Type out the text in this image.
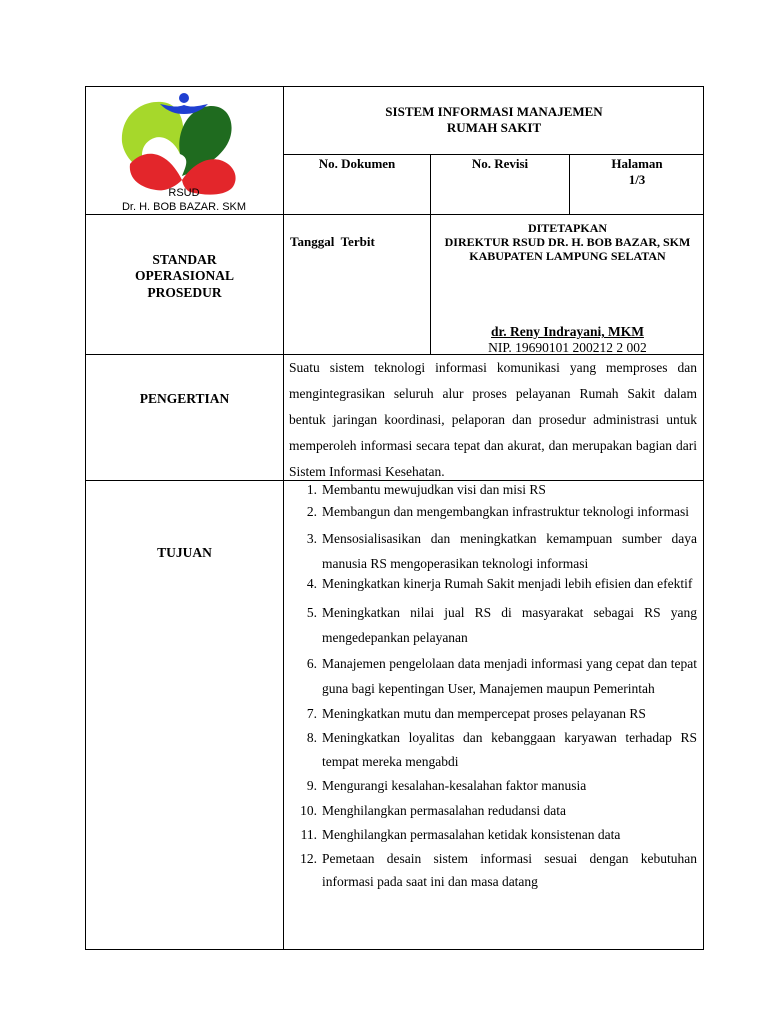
RSUD
Dr. H. BOB BAZAR. SKM
SISTEM INFORMASI MANAJEMEN
RUMAH SAKIT
No. Dokumen	No. Revisi	Halaman
1/3
STANDAR
OPERASIONAL
PROSEDUR
Tanggal  Terbit
DITETAPKAN
DIREKTUR RSUD DR. H. BOB BAZAR, SKM
KABUPATEN LAMPUNG SELATAN
dr. Reny Indrayani, MKM
NIP. 19690101 200212 2 002
PENGERTIAN
Suatu sistem teknologi informasi komunikasi yang memproses dan mengintegrasikan seluruh alur proses pelayanan Rumah Sakit dalam bentuk jaringan koordinasi, pelaporan dan prosedur administrasi untuk memperoleh informasi secara tepat dan akurat, dan merupakan bagian dari Sistem Informasi Kesehatan.
TUJUAN
1. Membantu mewujudkan visi dan misi RS
2. Membangun dan mengembangkan infrastruktur teknologi informasi
3. Mensosialisasikan dan meningkatkan kemampuan sumber daya manusia RS mengoperasikan teknologi informasi
4. Meningkatkan kinerja Rumah Sakit menjadi lebih efisien dan efektif
5. Meningkatkan nilai jual RS di masyarakat sebagai RS yang mengedepankan pelayanan
6. Manajemen pengelolaan data menjadi informasi yang cepat dan tepat guna bagi kepentingan User, Manajemen maupun Pemerintah
7. Meningkatkan mutu dan mempercepat proses pelayanan RS
8. Meningkatkan loyalitas dan kebanggaan karyawan terhadap RS tempat mereka mengabdi
9. Mengurangi kesalahan-kesalahan faktor manusia
10. Menghilangkan permasalahan redudansi data
11. Menghilangkan permasalahan ketidak konsistenan data
12. Pemetaan desain sistem informasi sesuai dengan kebutuhan informasi pada saat ini dan masa datang
